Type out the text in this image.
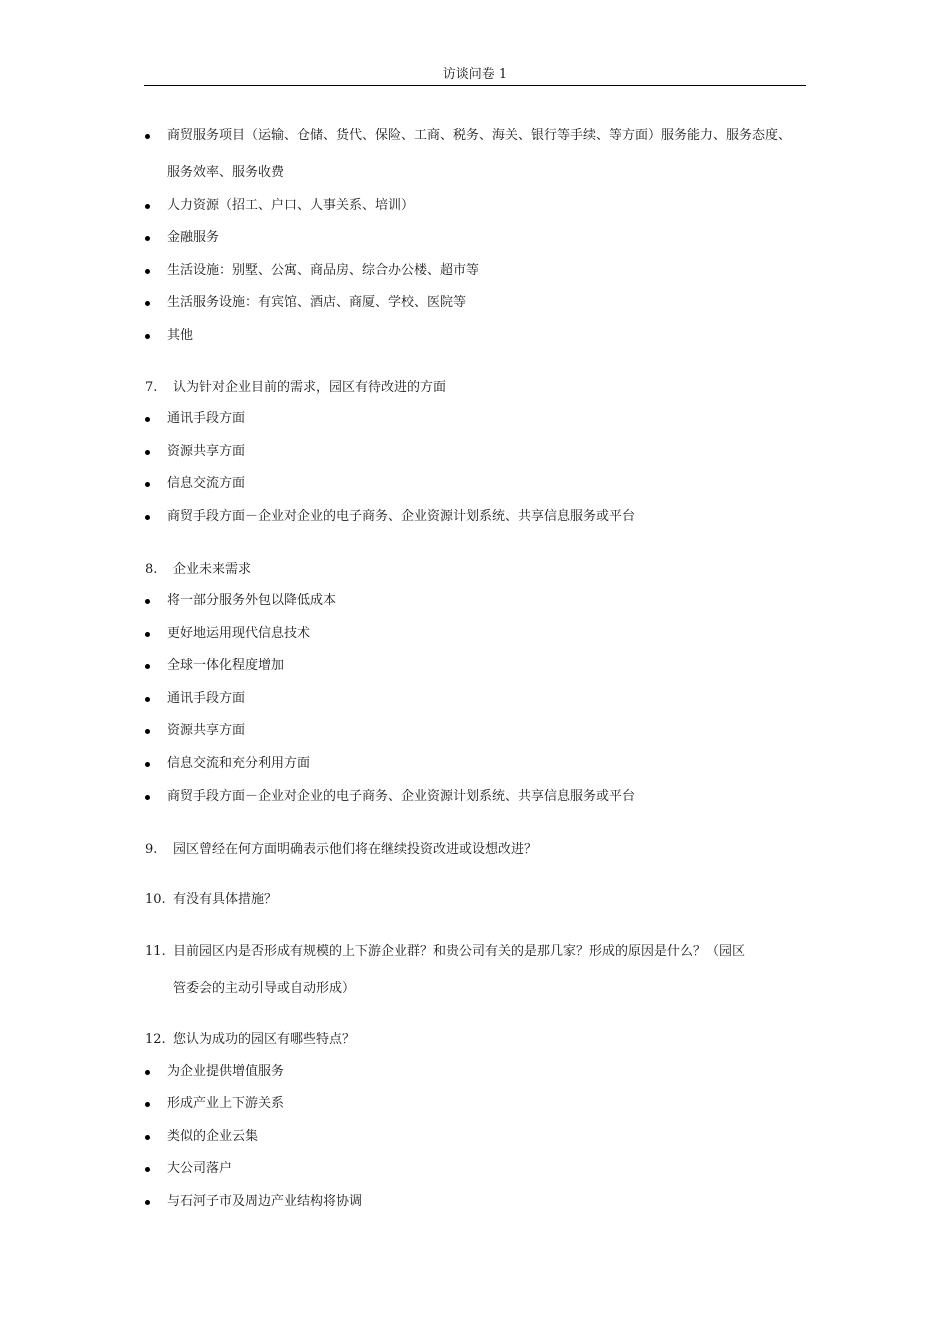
访谈问卷 1
商贸服务项目（运输、仓储、货代、保险、工商、税务、海关、银行等手续、等方面）服务能力、服务态度、
服务效率、服务收费
人力资源（招工、户口、人事关系、培训）
金融服务
生活设施：别墅、公寓、商品房、综合办公楼、超市等
生活服务设施：有宾馆、酒店、商厦、学校、医院等
其他
7. 认为针对企业目前的需求，园区有待改进的方面
通讯手段方面
资源共享方面
信息交流方面
商贸手段方面－企业对企业的电子商务、企业资源计划系统、共享信息服务或平台
8. 企业未来需求
将一部分服务外包以降低成本
更好地运用现代信息技术
全球一体化程度增加
通讯手段方面
资源共享方面
信息交流和充分利用方面
商贸手段方面－企业对企业的电子商务、企业资源计划系统、共享信息服务或平台
9. 园区曾经在何方面明确表示他们将在继续投资改进或设想改进？
10. 有没有具体措施？
11. 目前园区内是否形成有规模的上下游企业群？和贵公司有关的是那几家？形成的原因是什么？（园区
管委会的主动引导或自动形成）
12. 您认为成功的园区有哪些特点？
为企业提供增值服务
形成产业上下游关系
类似的企业云集
大公司落户
与石河子市及周边产业结构将协调
